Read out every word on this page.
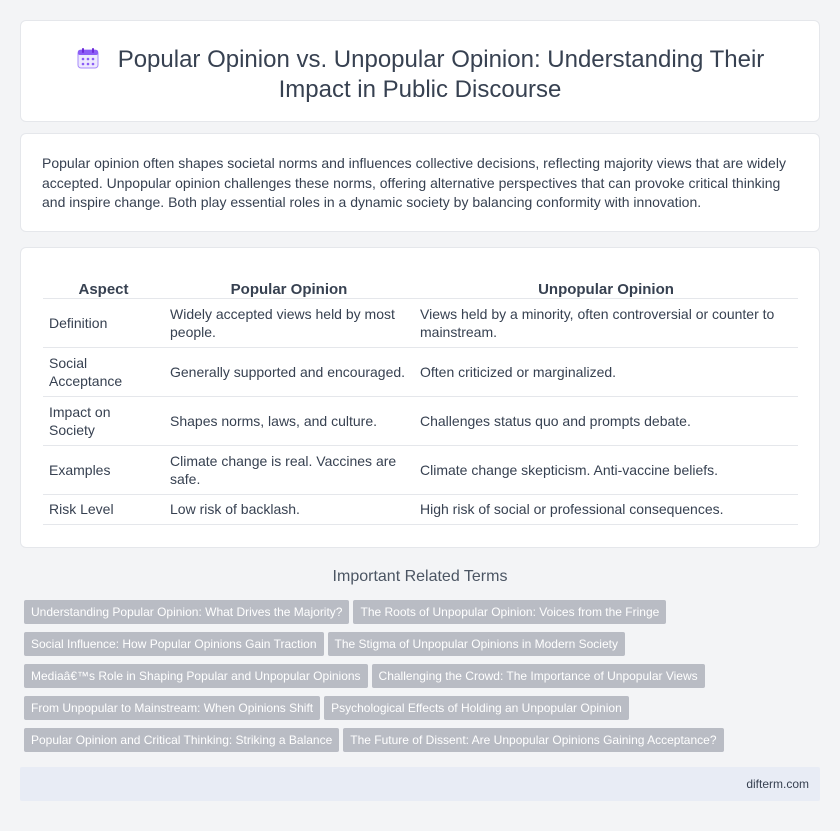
Popular Opinion vs. Unpopular Opinion: Understanding Their Impact in Public Discourse

Popular opinion often shapes societal norms and influences collective decisions, reflecting majority views that are widely accepted. Unpopular opinion challenges these norms, offering alternative perspectives that can provoke critical thinking and inspire change. Both play essential roles in a dynamic society by balancing conformity with innovation.

Aspect	Popular Opinion	Unpopular Opinion
Definition	Widely accepted views held by most people.	Views held by a minority, often controversial or counter to mainstream.
Social Acceptance	Generally supported and encouraged.	Often criticized or marginalized.
Impact on Society	Shapes norms, laws, and culture.	Challenges status quo and prompts debate.
Examples	Climate change is real. Vaccines are safe.	Climate change skepticism. Anti-vaccine beliefs.
Risk Level	Low risk of backlash.	High risk of social or professional consequences.
Important Related Terms
Understanding Popular Opinion: What Drives the Majority? The Roots of Unpopular Opinion: Voices from the Fringe
Social Influence: How Popular Opinions Gain Traction The Stigma of Unpopular Opinions in Modern Society
Mediaâ€™s Role in Shaping Popular and Unpopular Opinions Challenging the Crowd: The Importance of Unpopular Views
From Unpopular to Mainstream: When Opinions Shift Psychological Effects of Holding an Unpopular Opinion
Popular Opinion and Critical Thinking: Striking a Balance The Future of Dissent: Are Unpopular Opinions Gaining Acceptance?
difterm.com
